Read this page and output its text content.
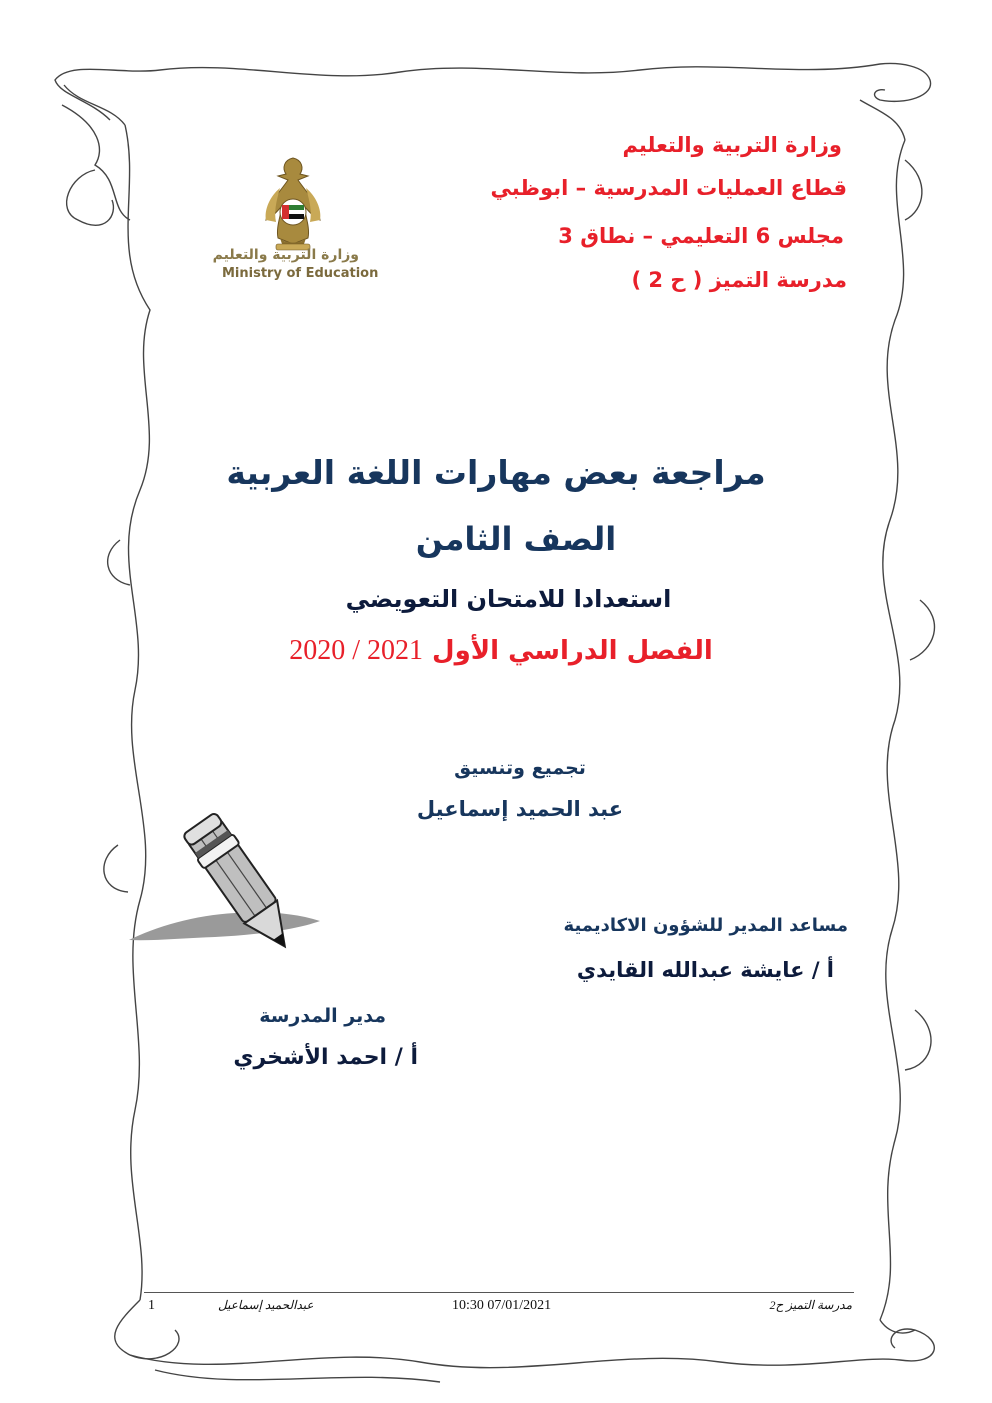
وزارة التربية والتعليم
قطاع العمليات المدرسية – ابوظبي
مجلس 6 التعليمي – نطاق 3
مدرسة التميز ( ح 2 )
وزارة التربية والتعليم
Ministry of Education
مراجعة بعض مهارات اللغة العربية
الصف الثامن
استعدادا للامتحان التعويضي
الفصل الدراسي الأول 2020 / 2021
تجميع وتنسيق
عبد الحميد إسماعيل
مساعد المدير للشؤون الاكاديمية
أ / عايشة عبدالله القايدي
مدير المدرسة
أ / احمد الأشخري
1	عبدالحميد إسماعيل	10:30 07/01/2021	مدرسة التميز ح2
